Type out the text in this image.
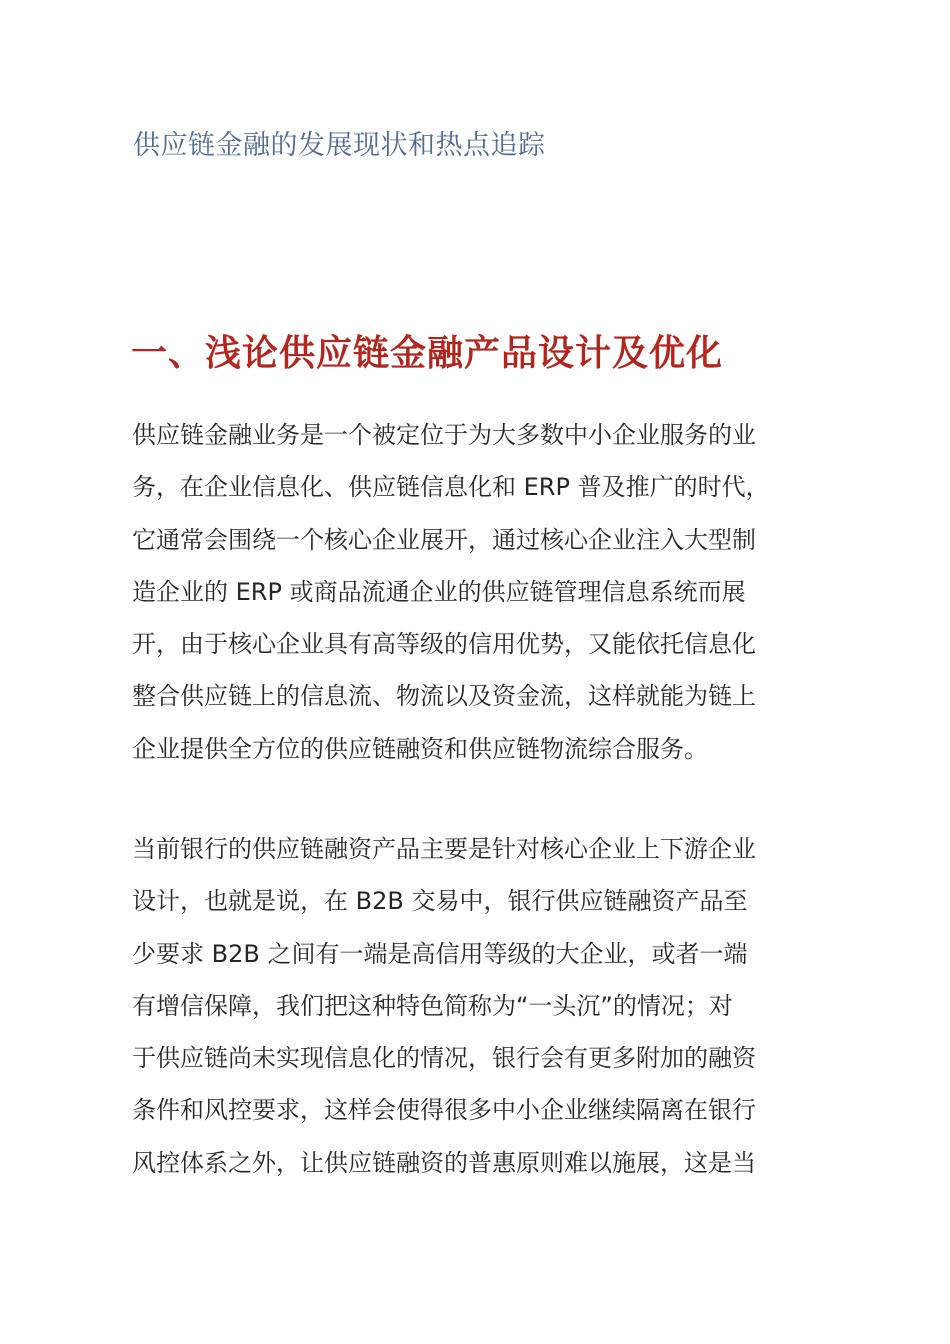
供应链金融的发展现状和热点追踪
一、浅论供应链金融产品设计及优化
供应链金融业务是一个被定位于为大多数中小企业服务的业
务，在企业信息化、供应链信息化和 ERP 普及推广的时代，
它通常会围绕一个核心企业展开，通过核心企业注入大型制
造企业的 ERP 或商品流通企业的供应链管理信息系统而展
开，由于核心企业具有高等级的信用优势，又能依托信息化
整合供应链上的信息流、物流以及资金流，这样就能为链上
企业提供全方位的供应链融资和供应链物流综合服务。
当前银行的供应链融资产品主要是针对核心企业上下游企业
设计，也就是说，在 B2B 交易中，银行供应链融资产品至
少要求 B2B 之间有一端是高信用等级的大企业，或者一端
有增信保障，我们把这种特色简称为“一头沉”的情况；对
于供应链尚未实现信息化的情况，银行会有更多附加的融资
条件和风控要求，这样会使得很多中小企业继续隔离在银行
风控体系之外，让供应链融资的普惠原则难以施展，这是当
